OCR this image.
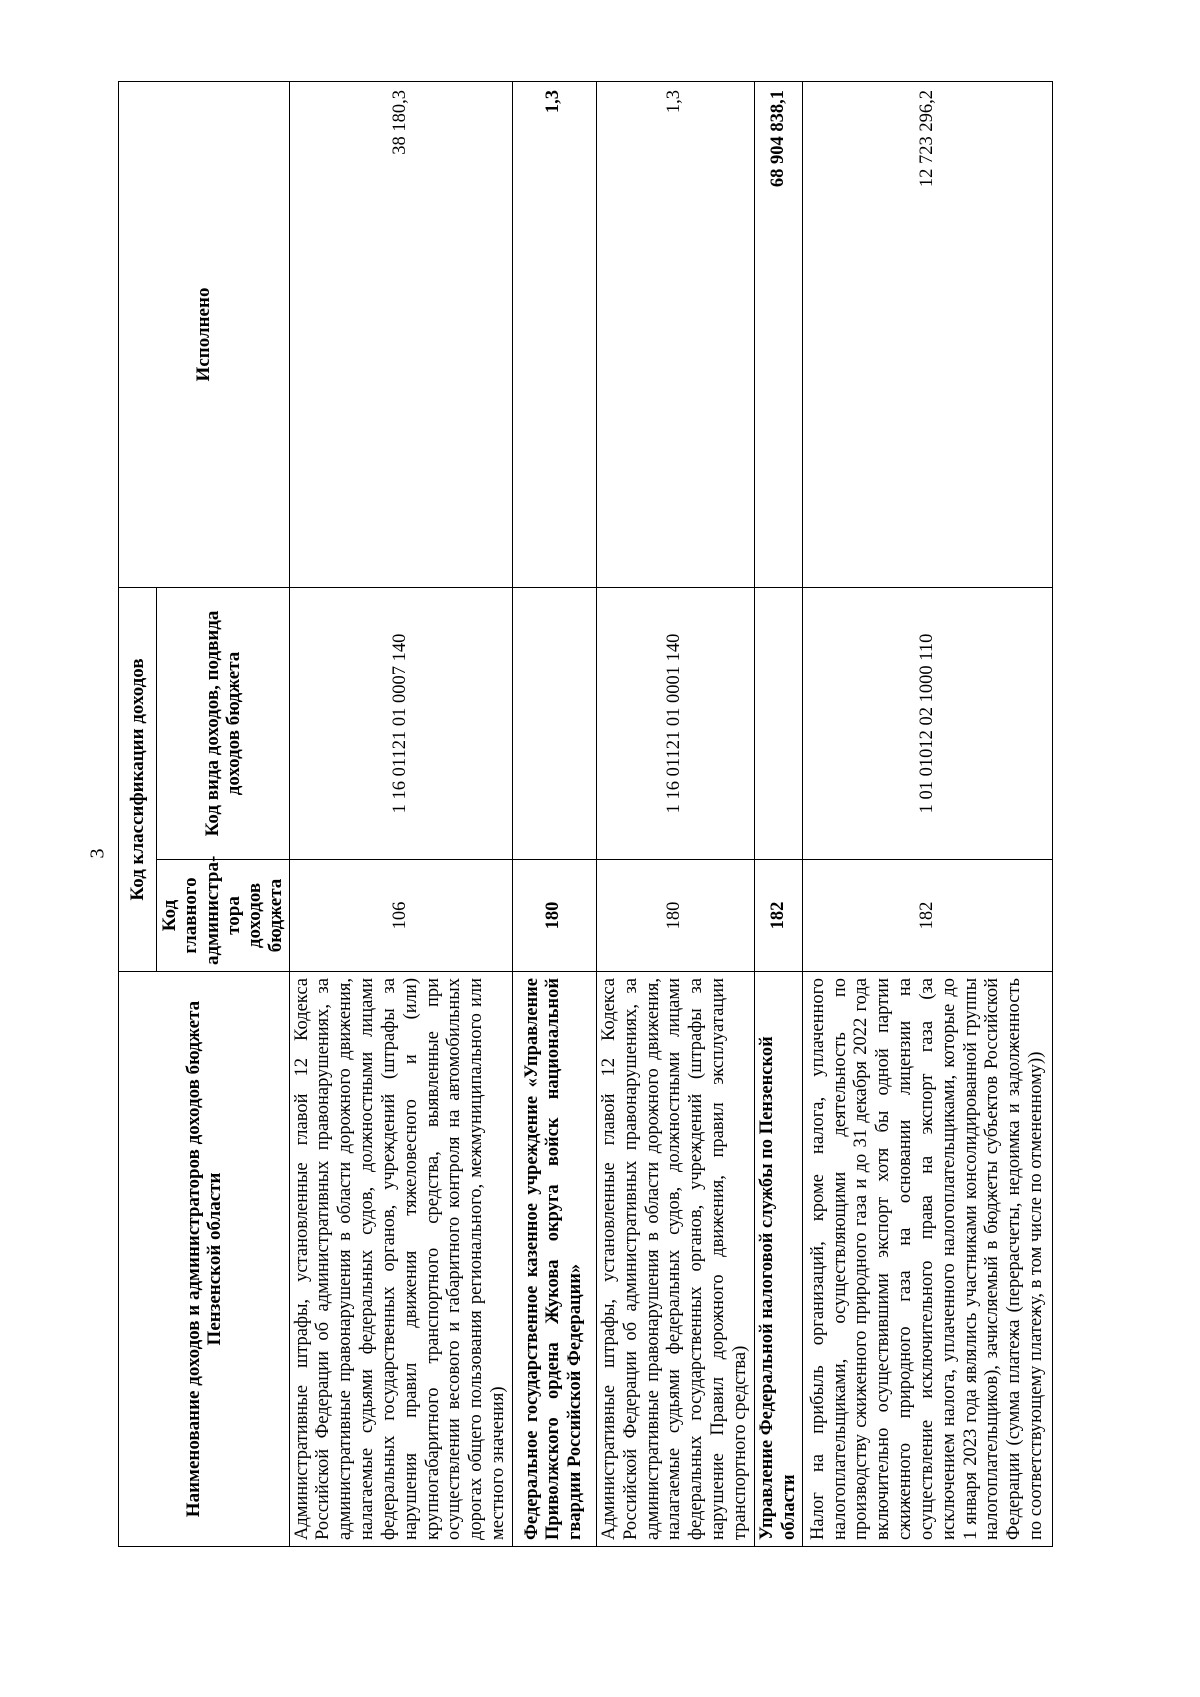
3
Наименование доходов и администраторов доходов бюджета Пензенской области	Код классификации доходов		Исполнено
	Код главного администра-тора доходов бюджета	Код вида доходов, подвида доходов бюджета	
Административные штрафы, установленные главой 12 Кодекса Российской Федерации об административных правонарушениях, за административные правонарушения в области дорожного движения, налагаемые судьями федеральных судов, должностными лицами федеральных государственных органов, учреждений (штрафы за нарушения правил движения тяжеловесного и (или) крупногабаритного транспортного средства, выявленные при осуществлении весового и габаритного контроля на автомобильных дорогах общего пользования регионального, межмуниципального или местного значения)	106	1 16 01121 01 0007 140	38 180,3
Федеральное государственное казенное учреждение «Управление Приволжского ордена Жукова округа войск национальной гвардии Российской Федерации»	180		1,3
Административные штрафы, установленные главой 12 Кодекса Российской Федерации об административных правонарушениях, за административные правонарушения в области дорожного движения, налагаемые судьями федеральных судов, должностными лицами федеральных государственных органов, учреждений (штрафы за нарушение Правил дорожного движения, правил эксплуатации транспортного средства)	180	1 16 01121 01 0001 140	1,3
Управление Федеральной налоговой службы по Пензенской области	182		68 904 838,1
Налог на прибыль организаций, кроме налога, уплаченного налогоплательщиками, осуществляющими деятельность по производству сжиженного природного газа и до 31 декабря 2022 года включительно осуществившими экспорт хотя бы одной партии сжиженного природного газа на основании лицензии на осуществление исключительного права на экспорт газа (за исключением налога, уплаченного налогоплательщиками, которые до 1 января 2023 года являлись участниками консолидированной группы налогоплательщиков), зачисляемый в бюджеты субъектов Российской Федерации (сумма платежа (перерасчеты, недоимка и задолженность по соответствующему платежу, в том числе по отмененному))	182	1 01 01012 02 1000 110	12 723 296,2
